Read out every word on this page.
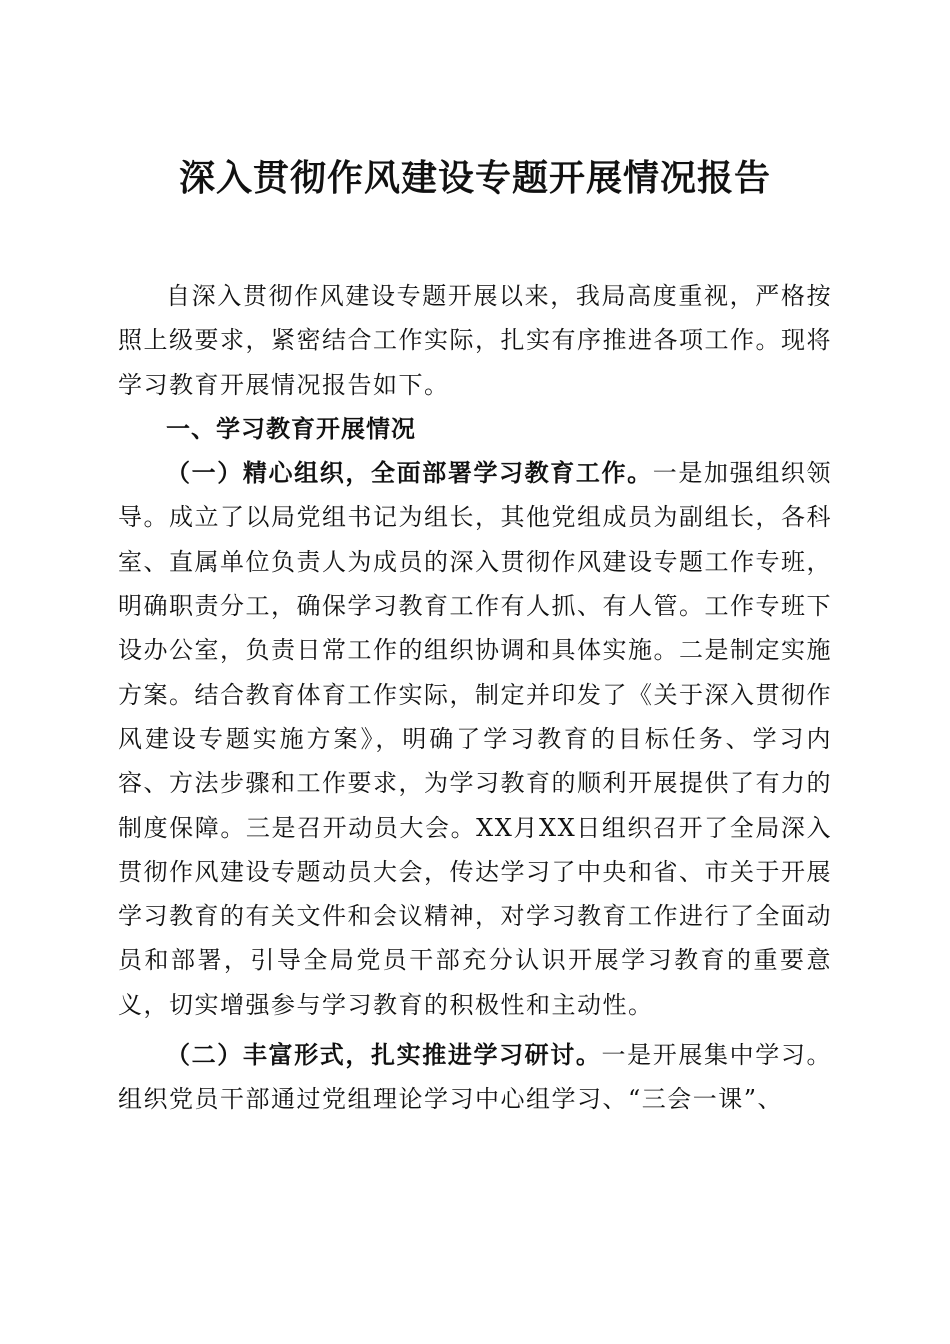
深入贯彻作风建设专题开展情况报告

自深入贯彻作风建设专题开展以来，我局高度重视，严格按照上级要求，紧密结合工作实际，扎实有序推进各项工作。现将学习教育开展情况报告如下。

一、学习教育开展情况

（一）精心组织，全面部署学习教育工作。一是加强组织领导。成立了以局党组书记为组长，其他党组成员为副组长，各科室、直属单位负责人为成员的深入贯彻作风建设专题工作专班，明确职责分工，确保学习教育工作有人抓、有人管。工作专班下设办公室，负责日常工作的组织协调和具体实施。二是制定实施方案。结合教育体育工作实际，制定并印发了《关于深入贯彻作风建设专题实施方案》，明确了学习教育的目标任务、学习内容、方法步骤和工作要求，为学习教育的顺利开展提供了有力的制度保障。三是召开动员大会。XX月XX日组织召开了全局深入贯彻作风建设专题动员大会，传达学习了中央和省、市关于开展学习教育的有关文件和会议精神，对学习教育工作进行了全面动员和部署，引导全局党员干部充分认识开展学习教育的重要意义，切实增强参与学习教育的积极性和主动性。

（二）丰富形式，扎实推进学习研讨。一是开展集中学习。组织党员干部通过党组理论学习中心组学习、“三会一课”、
